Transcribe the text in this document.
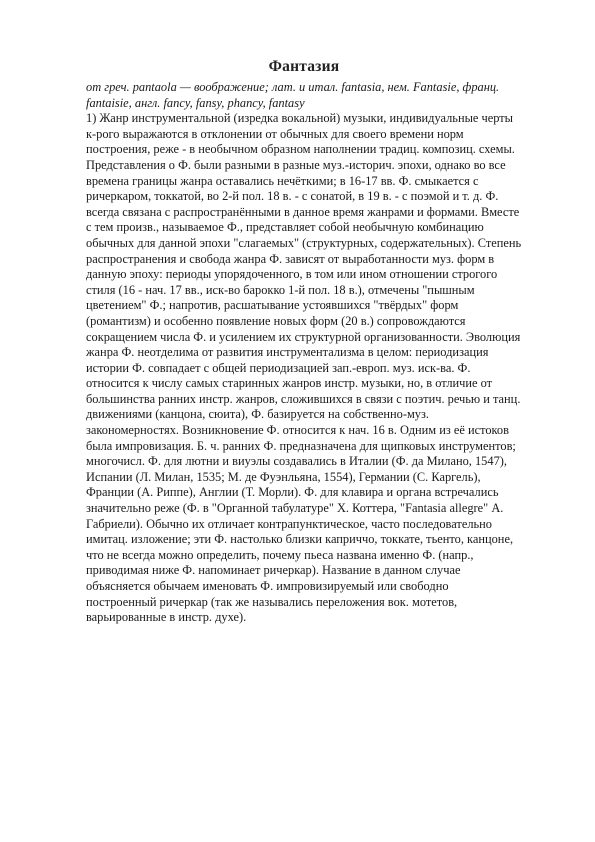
Фантазия

от греч. pantaola — воображение; лат. и итал. fantasia, нем. Fantasie, франц. fantaisie, англ. fancy, fansy, phancy, fantasy

1) Жанр инструментальной (изредка вокальной) музыки, индивидуальные черты к-рого выражаются в отклонении от обычных для своего времени норм построения, реже - в необычном образном наполнении традиц. композиц. схемы. Представления о Ф. были разными в разные муз.-историч. эпохи, однако во все времена границы жанра оставались нечёткими; в 16-17 вв. Ф. смыкается с ричеркаром, токкатой, во 2-й пол. 18 в. - с сонатой, в 19 в. - с поэмой и т. д. Ф. всегда связана с распространёнными в данное время жанрами и формами. Вместе с тем произв., называемое Ф., представляет собой необычную комбинацию обычных для данной эпохи "слагаемых" (структурных, содержательных). Степень распространения и свобода жанра Ф. зависят от выработанности муз. форм в данную эпоху: периоды упорядоченного, в том или ином отношении строгого стиля (16 - нач. 17 вв., иск-во барокко 1-й пол. 18 в.), отмечены "пышным цветением" Ф.; напротив, расшатывание устоявшихся "твёрдых" форм (романтизм) и особенно появление новых форм (20 в.) сопровождаются сокращением числа Ф. и усилением их структурной организованности. Эволюция жанра Ф. неотделима от развития инструментализма в целом: периодизация истории Ф. совпадает с общей периодизацией зап.-европ. муз. иск-ва. Ф. относится к числу самых старинных жанров инстр. музыки, но, в отличие от большинства ранних инстр. жанров, сложившихся в связи с поэтич. речью и танц. движениями (канцона, сюита), Ф. базируется на собственно-муз. закономерностях. Возникновение Ф. относится к нач. 16 в. Одним из её истоков была импровизация. Б. ч. ранних Ф. предназначена для щипковых инструментов; многочисл. Ф. для лютни и виуэлы создавались в Италии (Ф. да Милано, 1547), Испании (Л. Милан, 1535; М. де Фуэнльяна, 1554), Германии (С. Каргель), Франции (А. Риппе), Англии (Т. Морли). Ф. для клавира и органа встречались значительно реже (Ф. в "Органной табулатуре" Х. Коттера, "Fantasia allegre" А. Габриели). Обычно их отличает контрапунктическое, часто последовательно имитац. изложение; эти Ф. настолько близки каприччо, токкате, тьенто, канцоне, что не всегда можно определить, почему пьеса названа именно Ф. (напр., приводимая ниже Ф. напоминает ричеркар). Название в данном случае объясняется обычаем именовать Ф. импровизируемый или свободно построенный ричеркар (так же назывались переложения вок. мотетов, варьированные в инстр. духе).
